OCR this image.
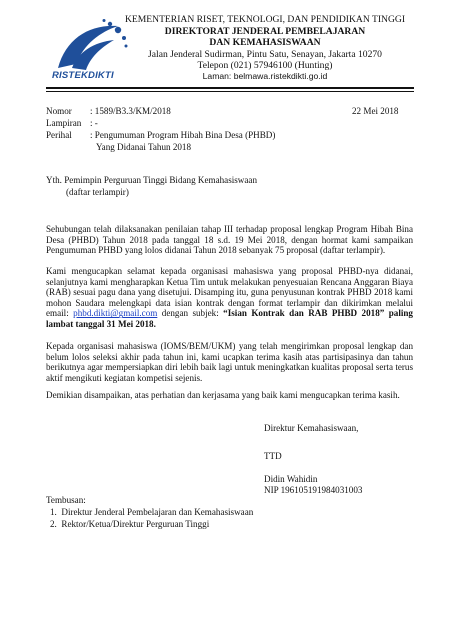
RISTEKDIKTI
KEMENTERIAN RISET, TEKNOLOGI, DAN PENDIDIKAN TINGGI
DIREKTORAT JENDERAL PEMBELAJARAN
DAN KEMAHASISWAAN
Jalan Jenderal Sudirman, Pintu Satu, Senayan, Jakarta 10270
Telepon (021) 57946100 (Hunting)
Laman: belmawa.ristekdikti.go.id
Nomor : 1589/B3.3/KM/2018	22 Mei 2018
Lampiran : -
Perihal : Pengumuman Program Hibah Bina Desa (PHBD)
Yang Didanai Tahun 2018
Yth. Pemimpin Perguruan Tinggi Bidang Kemahasiswaan
(daftar terlampir)
Sehubungan telah dilaksanakan penilaian tahap III terhadap proposal lengkap Program Hibah Bina Desa (PHBD) Tahun 2018 pada tanggal 18 s.d. 19 Mei 2018, dengan hormat kami sampaikan Pengumuman PHBD yang lolos didanai Tahun 2018 sebanyak 75 proposal (daftar terlampir).
Kami mengucapkan selamat kepada organisasi mahasiswa yang proposal PHBD-nya didanai, selanjutnya kami mengharapkan Ketua Tim untuk melakukan penyesuaian Rencana Anggaran Biaya (RAB) sesuai pagu dana yang disetujui. Disamping itu, guna penyusunan kontrak PHBD 2018 kami mohon Saudara melengkapi data isian kontrak dengan format terlampir dan dikirimkan melalui email: phbd.dikti@gmail.com dengan subjek: “Isian Kontrak dan RAB PHBD 2018” paling lambat tanggal 31 Mei 2018.
Kepada organisasi mahasiswa (IOMS/BEM/UKM) yang telah mengirimkan proposal lengkap dan belum lolos seleksi akhir pada tahun ini, kami ucapkan terima kasih atas partisipasinya dan tahun berikutnya agar mempersiapkan diri lebih baik lagi untuk meningkatkan kualitas proposal serta terus aktif mengikuti kegiatan kompetisi sejenis.
Demikian disampaikan, atas perhatian dan kerjasama yang baik kami mengucapkan terima kasih.
Direktur Kemahasiswaan,
TTD
Didin Wahidin
NIP 196105191984031003
Tembusan:
1.  Direktur Jenderal Pembelajaran dan Kemahasiswaan
2.  Rektor/Ketua/Direktur Perguruan Tinggi
